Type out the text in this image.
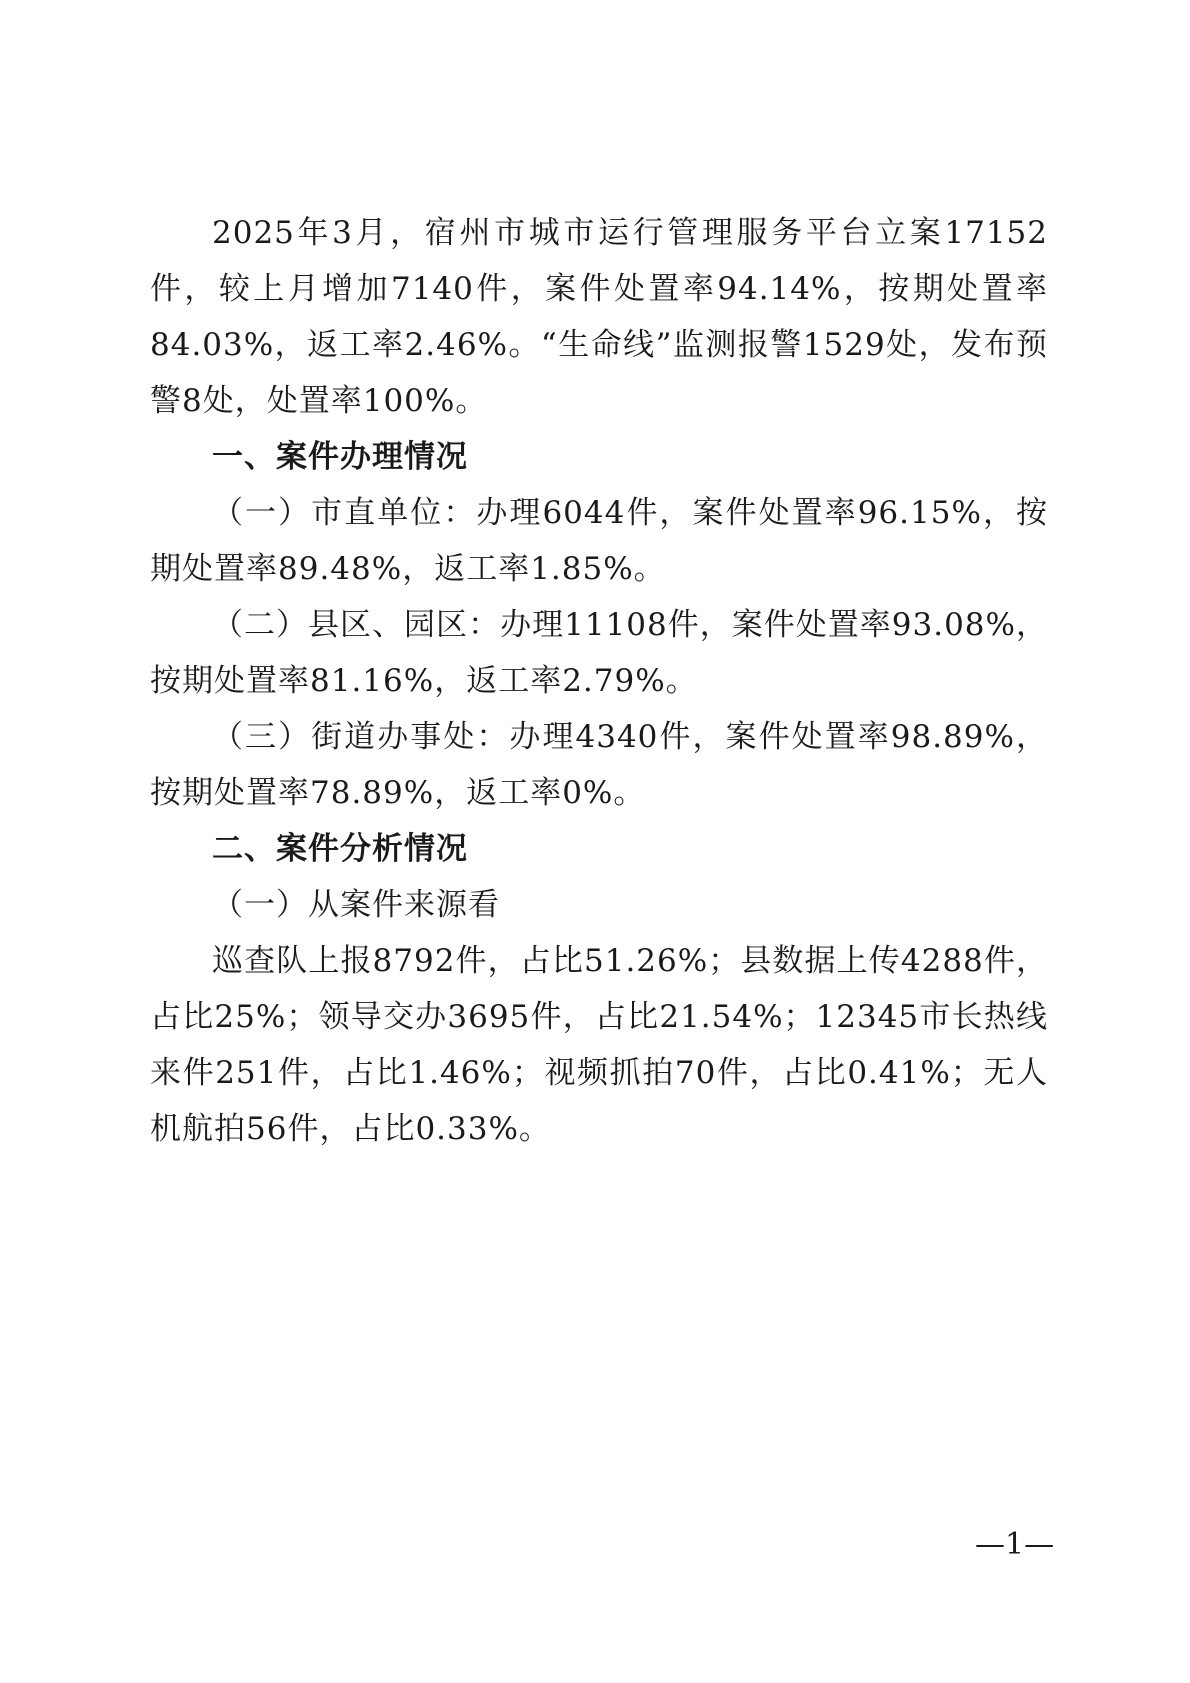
2025年3月，宿州市城市运行管理服务平台立案17152件，较上月增加7140件，案件处置率94.14%，按期处置率84.03%，返工率2.46%。“生命线”监测报警1529处，发布预警8处，处置率100%。

一、案件办理情况

（一）市直单位：办理6044件，案件处置率96.15%，按期处置率89.48%，返工率1.85%。

（二）县区、园区：办理11108件，案件处置率93.08%，按期处置率81.16%，返工率2.79%。

（三）街道办事处：办理4340件，案件处置率98.89%，按期处置率78.89%，返工率0%。

二、案件分析情况

（一）从案件来源看

巡查队上报8792件，占比51.26%；县数据上传4288件，占比25%；领导交办3695件，占比21.54%；12345市长热线来件251件，占比1.46%；视频抓拍70件，占比0.41%；无人机航拍56件，占比0.33%。

—1—
